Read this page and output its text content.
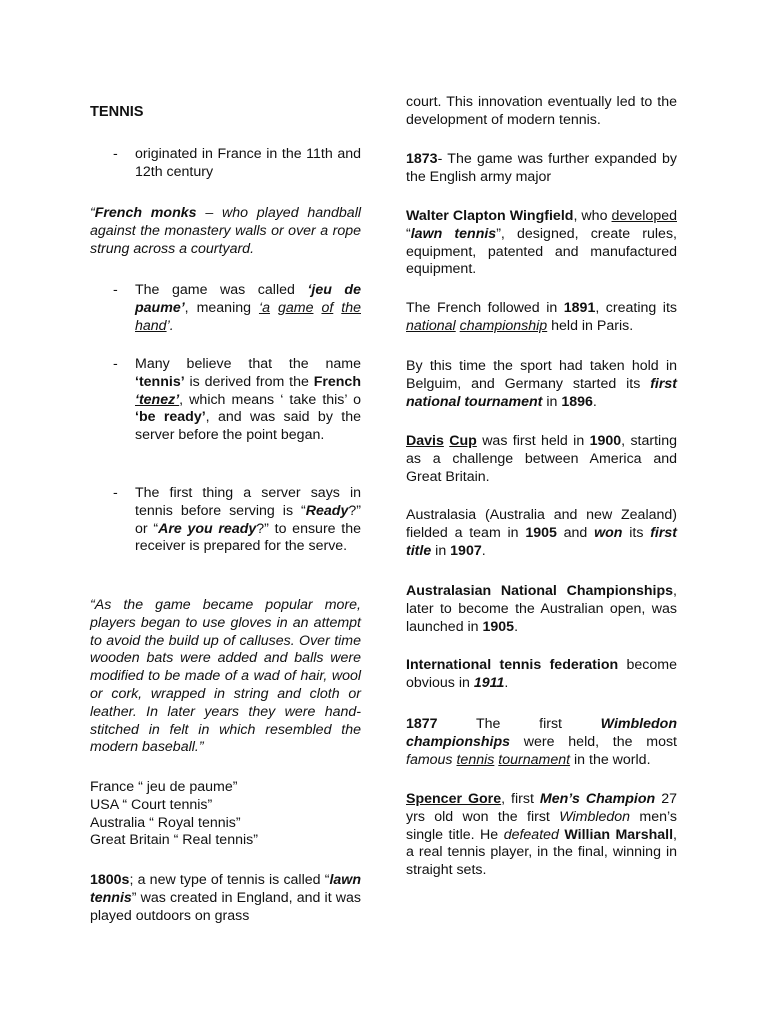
TENNIS

- originated in France in the 11th and 12th century

“French monks – who played handball against the monastery walls or over a rope strung across a courtyard.

- The game was called ‘jeu de paume’, meaning ‘a game of the hand’.

- Many believe that the name ‘tennis’ is derived from the French ‘tenez’, which means ‘ take this’ o ‘be ready’, and was said by the server before the point began.

- The first thing a server says in tennis before serving is “Ready?” or “Are you ready?” to ensure the receiver is prepared for the serve.

“As the game became popular more, players began to use gloves in an attempt to avoid the build up of calluses. Over time wooden bats were added and balls were modified to be made of a wad of hair, wool or cork, wrapped in string and cloth or leather. In later years they were hand-stitched in felt in which resembled the modern baseball.”

France “ jeu de paume”
USA “ Court tennis”
Australia “ Royal tennis”
Great Britain “ Real tennis”

1800s; a new type of tennis is called “lawn tennis” was created in England, and it was played outdoors on grass

court. This innovation eventually led to the development of modern tennis.

1873- The game was further expanded by the English army major

Walter Clapton Wingfield, who developed “lawn tennis”, designed, create rules, equipment, patented and manufactured equipment.

The French followed in 1891, creating its national championship held in Paris.

By this time the sport had taken hold in Belguim, and Germany started its first national tournament in 1896.

Davis Cup was first held in 1900, starting as a challenge between America and Great Britain.

Australasia (Australia and new Zealand) fielded a team in 1905 and won its first title in 1907.

Australasian National Championships, later to become the Australian open, was launched in 1905.

International tennis federation become obvious in 1911.

1877 The first Wimbledon championships were held, the most famous tennis tournament in the world.

Spencer Gore, first Men’s Champion 27 yrs old won the first Wimbledon men’s single title. He defeated Willian Marshall, a real tennis player, in the final, winning in straight sets.
